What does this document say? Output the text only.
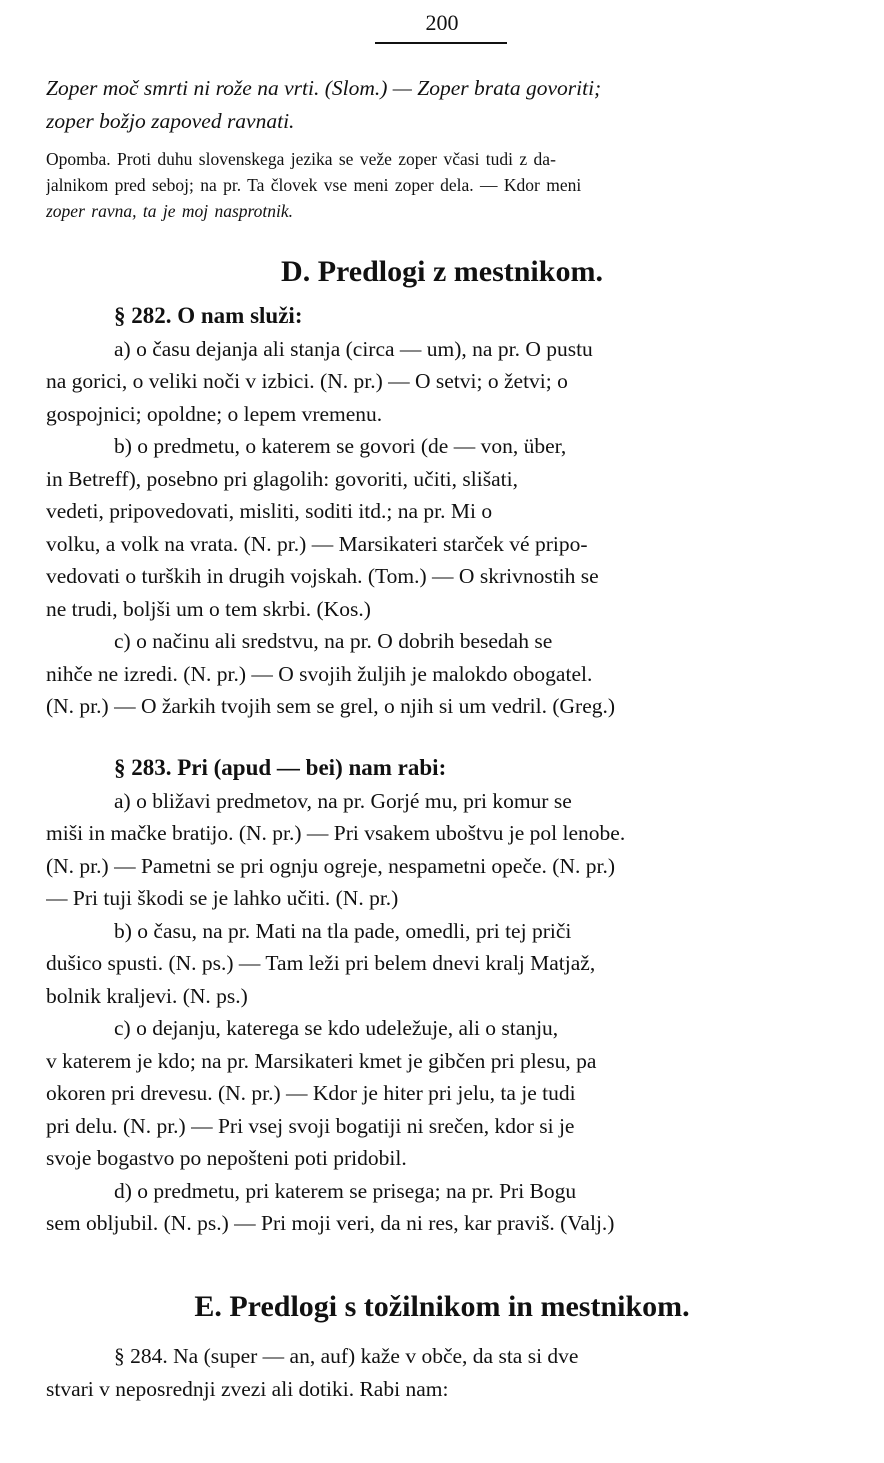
200
Zoper moč smrti ni rože na vrti. (Slom.) — Zoper brata govoriti;
zoper božjo zapoved ravnati.
Opomba. Proti duhu slovenskega jezika se veže zoper včasi tudi z da-
jalnikom pred seboj; na pr. Ta človek vse meni zoper dela. — Kdor meni
zoper ravna, ta je moj nasprotnik.
D. Predlogi z mestnikom.
§ 282. O nam služi:
a) o času dejanja ali stanja (circa — um), na pr. O pustu
na gorici, o veliki noči v izbici. (N. pr.) — O setvi; o žetvi; o
gospojnici; opoldne; o lepem vremenu.
b) o predmetu, o katerem se govori (de — von, über,
in Betreff), posebno pri glagolih: govoriti, učiti, slišati,
vedeti, pripovedovati, misliti, soditi itd.; na pr. Mi o
volku, a volk na vrata. (N. pr.) — Marsikateri starček vé pripo-
vedovati o turških in drugih vojskah. (Tom.) — O skrivnostih se
ne trudi, boljši um o tem skrbi. (Kos.)
c) o načinu ali sredstvu, na pr. O dobrih besedah se
nihče ne izredi. (N. pr.) — O svojih žuljih je malokdo obogatel.
(N. pr.) — O žarkih tvojih sem se grel, o njih si um vedril. (Greg.)
§ 283. Pri (apud — bei) nam rabi:
a) o bližavi predmetov, na pr. Gorjé mu, pri komur se
miši in mačke bratijo. (N. pr.) — Pri vsakem uboštvu je pol lenobe.
(N. pr.) — Pametni se pri ognju ogreje, nespametni opeče. (N. pr.)
— Pri tuji škodi se je lahko učiti. (N. pr.)
b) o času, na pr. Mati na tla pade, omedli, pri tej priči
dušico spusti. (N. ps.) — Tam leži pri belem dnevi kralj Matjaž,
bolnik kraljevi. (N. ps.)
c) o dejanju, katerega se kdo udeležuje, ali o stanju,
v katerem je kdo; na pr. Marsikateri kmet je gibčen pri plesu, pa
okoren pri drevesu. (N. pr.) — Kdor je hiter pri jelu, ta je tudi
pri delu. (N. pr.) — Pri vsej svoji bogatiji ni srečen, kdor si je
svoje bogastvo po nepošteni poti pridobil.
d) o predmetu, pri katerem se prisega; na pr. Pri Bogu
sem obljubil. (N. ps.) — Pri moji veri, da ni res, kar praviš. (Valj.)
E. Predlogi s tožilnikom in mestnikom.
§ 284. Na (super — an, auf) kaže v obče, da sta si dve
stvari v neposrednji zvezi ali dotiki. Rabi nam:
